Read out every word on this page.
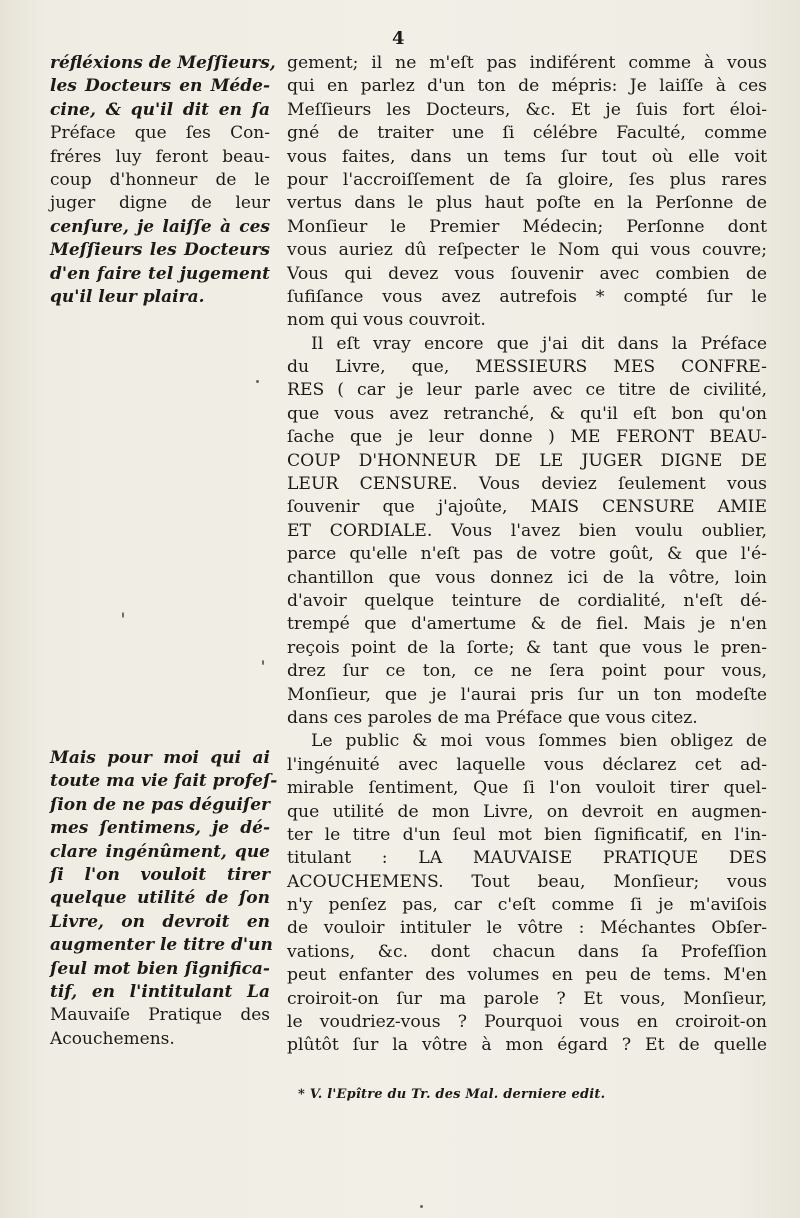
4
réfléxions de Meſſieurs,
les Docteurs en Méde-
cine, & qu'il dit en ſa
Préface que ſes Con-
fréres luy feront beau-
coup d'honneur de le
juger digne de leur
cenſure, je laiſſe à ces
Meſſieurs les Docteurs
d'en faire tel jugement
qu'il leur plaira.
Mais pour moi qui ai
toute ma vie fait profeſ-
ſion de ne pas déguiſer
mes ſentimens, je dé-
clare ingénûment, que
ſi l'on vouloit tirer
quelque utilité de ſon
Livre, on devroit en
augmenter le titre d'un
ſeul mot bien ſignifica-
tif, en l'intitulant La
Mauvaiſe Pratique des
Acouchemens.
gement; il ne m'eſt pas indiférent comme à vous
qui en parlez d'un ton de mépris: Je laiſſe à ces
Meſſieurs les Docteurs, &c. Et je ſuis fort éloi-
gné de traiter une ſi célébre Faculté, comme
vous faites, dans un tems ſur tout où elle voit
pour l'accroiſſement de ſa gloire, ſes plus rares
vertus dans le plus haut poſte en la Perſonne de
Monſieur le Premier Médecin; Perſonne dont
vous auriez dû reſpecter le Nom qui vous couvre;
Vous qui devez vous ſouvenir avec combien de
ſufiſance vous avez autrefois * compté ſur le
nom qui vous couvroit.
Il eſt vray encore que j'ai dit dans la Préface
du Livre, que, MESSIEURS MES CONFRE-
RES ( car je leur parle avec ce titre de civilité,
que vous avez retranché, & qu'il eſt bon qu'on
ſache que je leur donne ) ME FERONT BEAU-
COUP D'HONNEUR DE LE JUGER DIGNE DE
LEUR CENSURE. Vous deviez ſeulement vous
ſouvenir que j'ajoûte, MAIS CENSURE AMIE
ET CORDIALE. Vous l'avez bien voulu oublier,
parce qu'elle n'eſt pas de votre goût, & que l'é-
chantillon que vous donnez ici de la vôtre, loin
d'avoir quelque teinture de cordialité, n'eſt dé-
trempé que d'amertume & de fiel. Mais je n'en
reçois point de la ſorte; & tant que vous le pren-
drez ſur ce ton, ce ne ſera point pour vous,
Monſieur, que je l'aurai pris ſur un ton modeſte
dans ces paroles de ma Préface que vous citez.
Le public & moi vous ſommes bien obligez de
l'ingénuité avec laquelle vous déclarez cet ad-
mirable ſentiment, Que ſi l'on vouloit tirer quel-
que utilité de mon Livre, on devroit en augmen-
ter le titre d'un ſeul mot bien ſignificatif, en l'in-
titulant : LA MAUVAISE PRATIQUE DES
ACOUCHEMENS. Tout beau, Monſieur; vous
n'y penſez pas, car c'eſt comme ſi je m'aviſois
de vouloir intituler le vôtre : Méchantes Obſer-
vations, &c. dont chacun dans ſa Profeſſion
peut enfanter des volumes en peu de tems. M'en
croiroit-on ſur ma parole ? Et vous, Monſieur,
le voudriez-vous ? Pourquoi vous en croiroit-on
plûtôt ſur la vôtre à mon égard ? Et de quelle
* V. l'Epître du Tr. des Mal. derniere edit.
